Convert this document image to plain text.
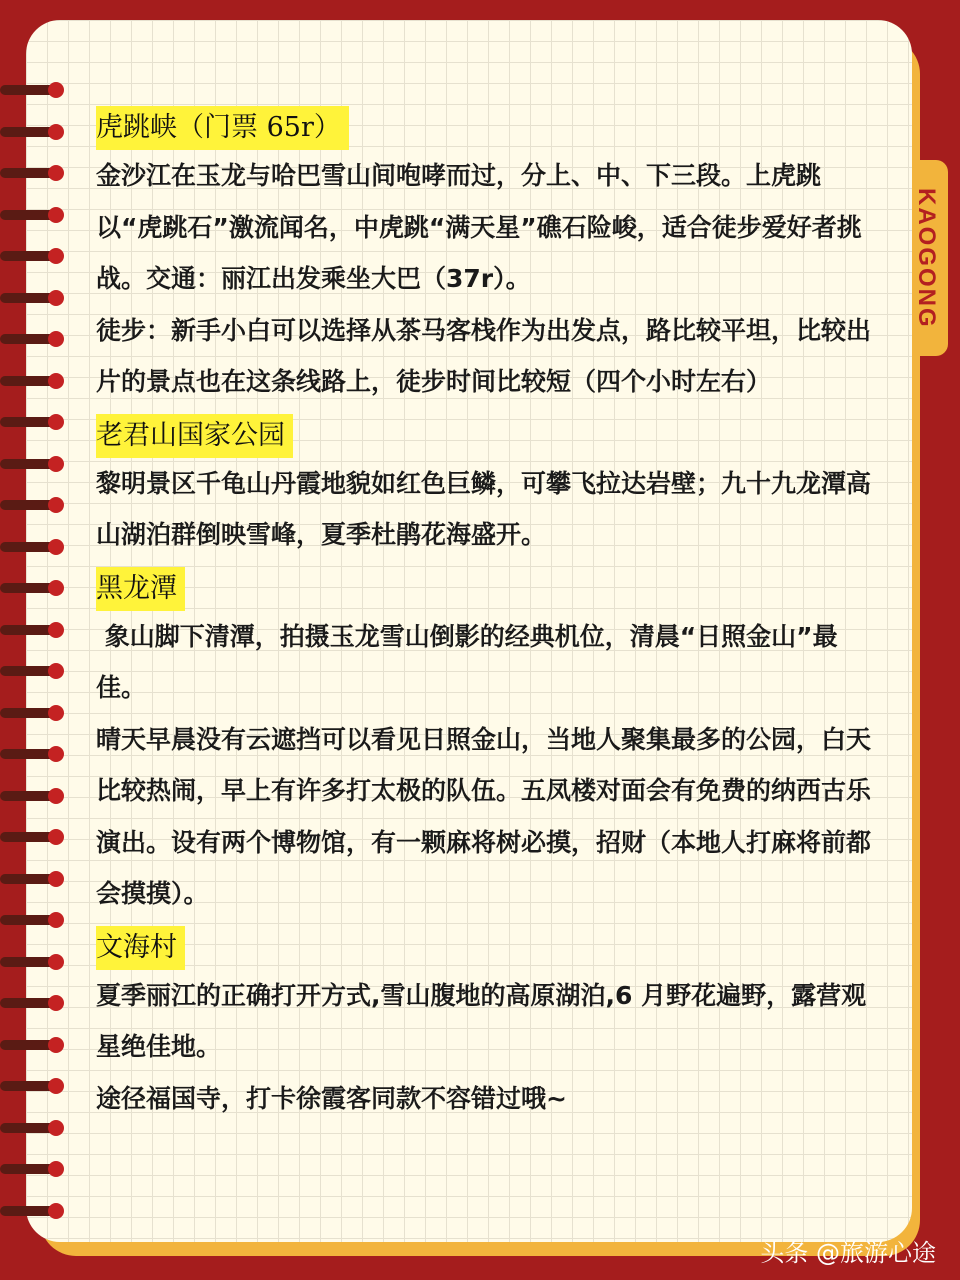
KAOGONG
虎跳峡（门票 65r）

金沙江在玉龙与哈巴雪山间咆哮而过，分上、中、下三段。上虎跳以“虎跳石”激流闻名，中虎跳“满天星”礁石险峻，适合徒步爱好者挑战。交通：丽江出发乘坐大巴（37r）。

徒步：新手小白可以选择从茶马客栈作为出发点，路比较平坦，比较出片的景点也在这条线路上，徒步时间比较短（四个小时左右）

老君山国家公园

黎明景区千龟山丹霞地貌如红色巨鳞，可攀飞拉达岩壁；九十九龙潭高山湖泊群倒映雪峰，夏季杜鹃花海盛开。

黑龙潭

象山脚下清潭，拍摄玉龙雪山倒影的经典机位，清晨“日照金山”最佳。

晴天早晨没有云遮挡可以看见日照金山，当地人聚集最多的公园，白天比较热闹，早上有许多打太极的队伍。五凤楼对面会有免费的纳西古乐演出。设有两个博物馆，有一颗麻将树必摸，招财（本地人打麻将前都会摸摸）。

文海村

夏季丽江的正确打开方式,雪山腹地的高原湖泊,6 月野花遍野，露营观星绝佳地。

途径福国寺，打卡徐霞客同款不容错过哦~

头条 @旅游心途
